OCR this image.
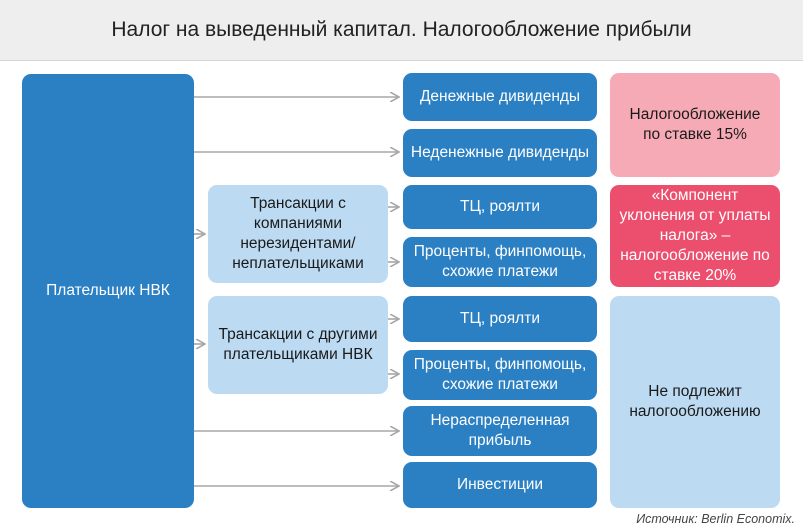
Налог на выведенный капитал. Налогообложение прибыли
Плательщик НВК
Трансакции с компаниями нерезидентами/ неплательщиками
Трансакции с другими плательщиками НВК
Денежные дивиденды
Неденежные дивиденды
ТЦ, роялти
Проценты, финпомощь, схожие платежи
ТЦ, роялти
Проценты, финпомощь, схожие платежи
Нераспределенная прибыль
Инвестиции
Налогообложение по ставке 15%
«Компонент уклонения от уплаты налога» – налогообложение по ставке 20%
Не подлежит налогообложению
Источник: Berlin Economix.
